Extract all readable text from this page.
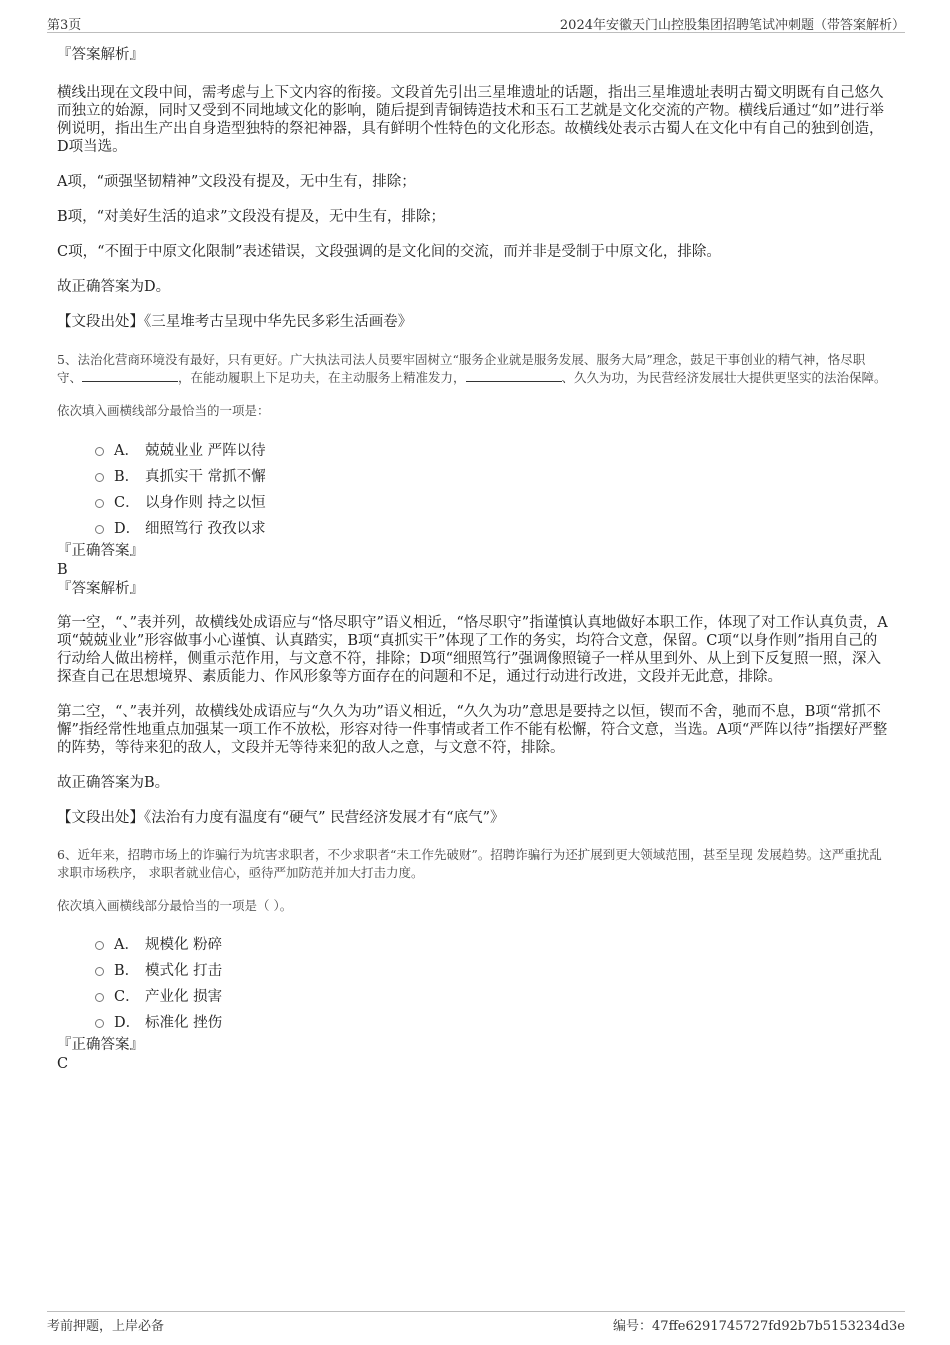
第3页	2024年安徽天门山控股集团招聘笔试冲刺题（带答案解析）

『答案解析』

横线出现在文段中间，需考虑与上下文内容的衔接。文段首先引出三星堆遗址的话题，指出三星堆遗址表明古蜀文明既有自己悠久而独立的始源，同时又受到不同地域文化的影响，随后提到青铜铸造技术和玉石工艺就是文化交流的产物。横线后通过“如”进行举例说明，指出生产出自身造型独特的祭祀神器，具有鲜明个性特色的文化形态。故横线处表示古蜀人在文化中有自己的独到创造，D项当选。

A项，“顽强坚韧精神”文段没有提及，无中生有，排除；

B项，“对美好生活的追求”文段没有提及，无中生有，排除；

C项，“不囿于中原文化限制”表述错误，文段强调的是文化间的交流，而并非是受制于中原文化，排除。

故正确答案为D。

【文段出处】《三星堆考古呈现中华先民多彩生活画卷》

5、法治化营商环境没有最好，只有更好。广大执法司法人员要牢固树立“服务企业就是服务发展、服务大局”理念，鼓足干事创业的精气神，恪尽职守、	，在能动履职上下足功夫，在主动服务上精准发力，	、久久为功，为民营经济发展壮大提供更坚实的法治保障。

依次填入画横线部分最恰当的一项是：

A． 兢兢业业 严阵以待
B． 真抓实干 常抓不懈
C． 以身作则 持之以恒
D． 细照笃行 孜孜以求

『正确答案』

B

『答案解析』

第一空，“、”表并列，故横线处成语应与“恪尽职守”语义相近，“恪尽职守”指谨慎认真地做好本职工作，体现了对工作认真负责，A项“兢兢业业”形容做事小心谨慎、认真踏实，B项“真抓实干”体现了工作的务实，均符合文意，保留。C项“以身作则”指用自己的行动给人做出榜样，侧重示范作用，与文意不符，排除；D项“细照笃行”强调像照镜子一样从里到外、从上到下反复照一照，深入探查自己在思想境界、素质能力、作风形象等方面存在的问题和不足，通过行动进行改进，文段并无此意，排除。

第二空，“、”表并列，故横线处成语应与“久久为功”语义相近，“久久为功”意思是要持之以恒，锲而不舍，驰而不息，B项“常抓不懈”指经常性地重点加强某一项工作不放松，形容对待一件事情或者工作不能有松懈，符合文意，当选。A项“严阵以待”指摆好严整的阵势，等待来犯的敌人，文段并无等待来犯的敌人之意，与文意不符，排除。

故正确答案为B。

【文段出处】《法治有力度有温度有“硬气” 民营经济发展才有“底气”》

6、近年来，招聘市场上的诈骗行为坑害求职者，不少求职者“未工作先破财”。招聘诈骗行为还扩展到更大领域范围，甚至呈现 发展趋势。这严重扰乱求职市场秩序， 求职者就业信心，亟待严加防范并加大打击力度。

依次填入画横线部分最恰当的一项是（ ）。

A． 规模化 粉碎
B． 模式化 打击
C． 产业化 损害
D． 标准化 挫伤

『正确答案』

C

考前押题，上岸必备	编号：47ffe6291745727fd92b7b5153234d3e
